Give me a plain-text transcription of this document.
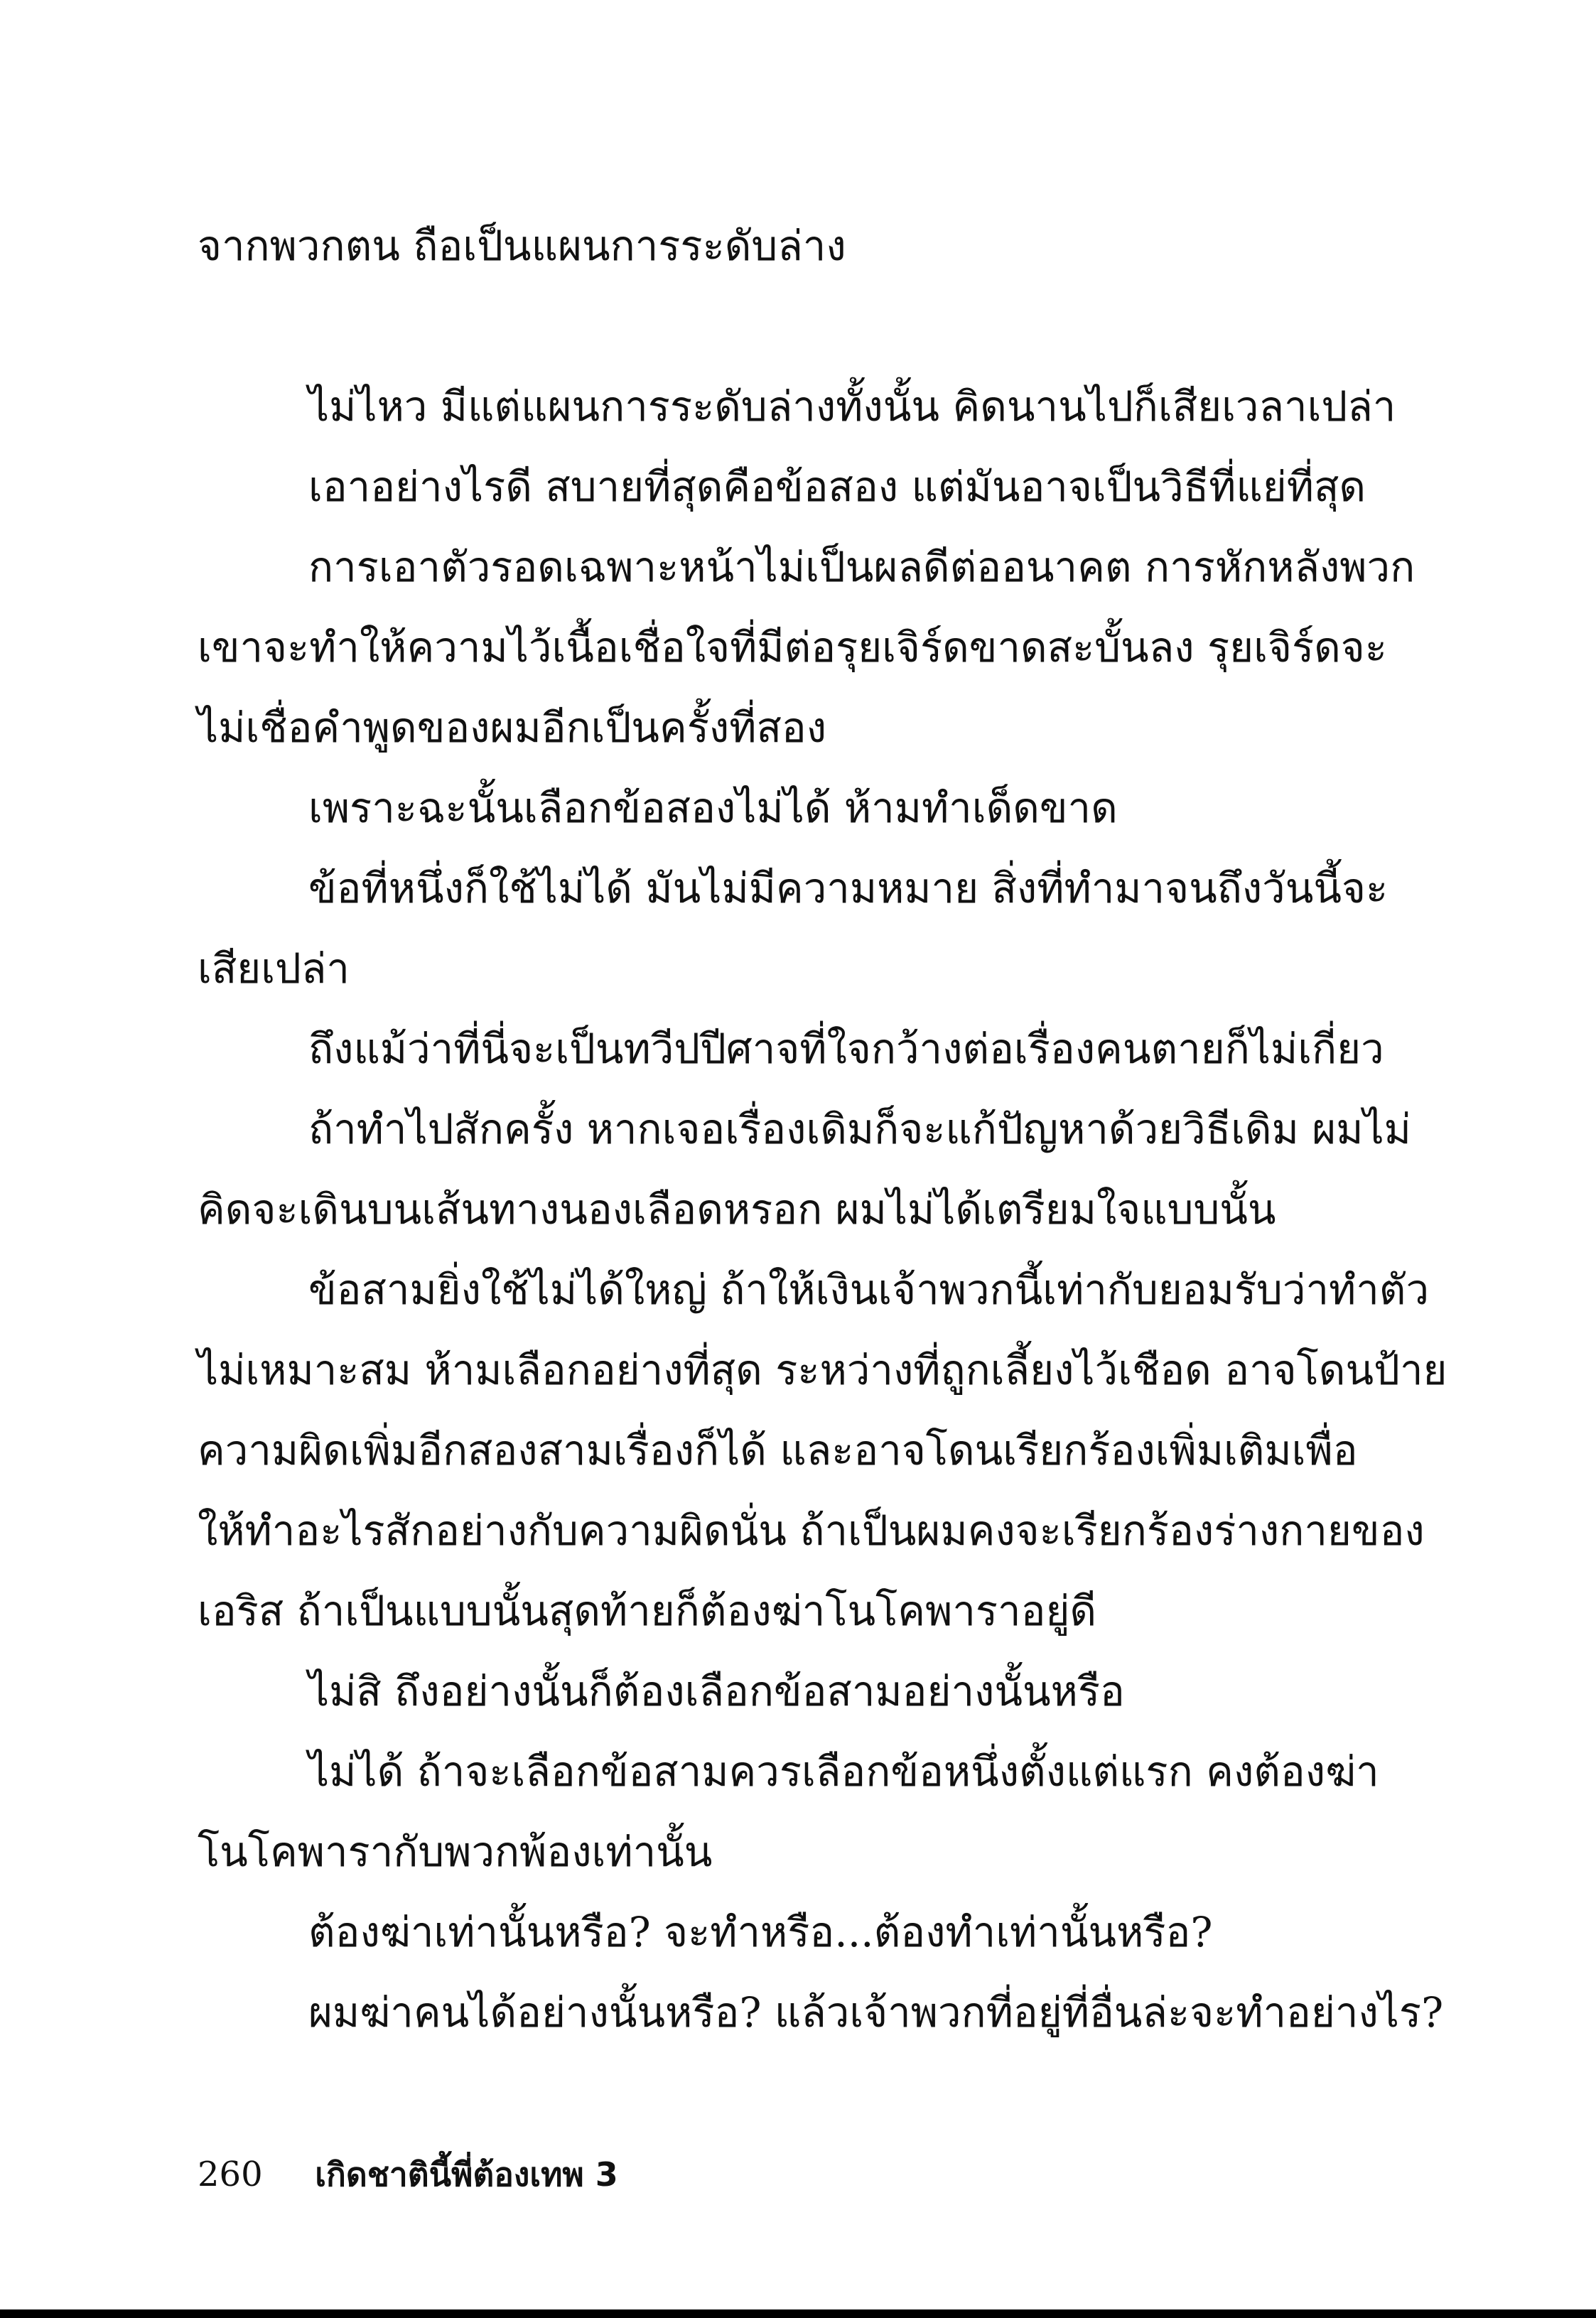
จากพวกตน ถือเป็นแผนการระดับล่าง
ไม่ไหว มีแต่แผนการระดับล่างทั้งนั้น คิดนานไปก็เสียเวลาเปล่า
เอาอย่างไรดี สบายที่สุดคือข้อสอง แต่มันอาจเป็นวิธีที่แย่ที่สุด
การเอาตัวรอดเฉพาะหน้าไม่เป็นผลดีต่ออนาคต การหักหลังพวก
เขาจะทำให้ความไว้เนื้อเชื่อใจที่มีต่อรุยเจิร์ดขาดสะบั้นลง รุยเจิร์ดจะ
ไม่เชื่อคำพูดของผมอีกเป็นครั้งที่สอง
เพราะฉะนั้นเลือกข้อสองไม่ได้ ห้ามทำเด็ดขาด
ข้อที่หนึ่งก็ใช้ไม่ได้ มันไม่มีความหมาย สิ่งที่ทำมาจนถึงวันนี้จะ
เสียเปล่า
ถึงแม้ว่าที่นี่จะเป็นทวีปปีศาจที่ใจกว้างต่อเรื่องคนตายก็ไม่เกี่ยว
ถ้าทำไปสักครั้ง หากเจอเรื่องเดิมก็จะแก้ปัญหาด้วยวิธีเดิม ผมไม่
คิดจะเดินบนเส้นทางนองเลือดหรอก ผมไม่ได้เตรียมใจแบบนั้น
ข้อสามยิ่งใช้ไม่ได้ใหญ่ ถ้าให้เงินเจ้าพวกนี้เท่ากับยอมรับว่าทำตัว
ไม่เหมาะสม ห้ามเลือกอย่างที่สุด ระหว่างที่ถูกเลี้ยงไว้เชือด อาจโดนป้าย
ความผิดเพิ่มอีกสองสามเรื่องก็ได้ และอาจโดนเรียกร้องเพิ่มเติมเพื่อ
ให้ทำอะไรสักอย่างกับความผิดนั่น ถ้าเป็นผมคงจะเรียกร้องร่างกายของ
เอริส ถ้าเป็นแบบนั้นสุดท้ายก็ต้องฆ่าโนโคพาราอยู่ดี
ไม่สิ ถึงอย่างนั้นก็ต้องเลือกข้อสามอย่างนั้นหรือ
ไม่ได้ ถ้าจะเลือกข้อสามควรเลือกข้อหนึ่งตั้งแต่แรก คงต้องฆ่า
โนโคพารากับพวกพ้องเท่านั้น
ต้องฆ่าเท่านั้นหรือ? จะทำหรือ...ต้องทำเท่านั้นหรือ?
ผมฆ่าคนได้อย่างนั้นหรือ? แล้วเจ้าพวกที่อยู่ที่อื่นล่ะจะทำอย่างไร?
260 เกิดชาตินี้พี่ต้องเทพ 3
